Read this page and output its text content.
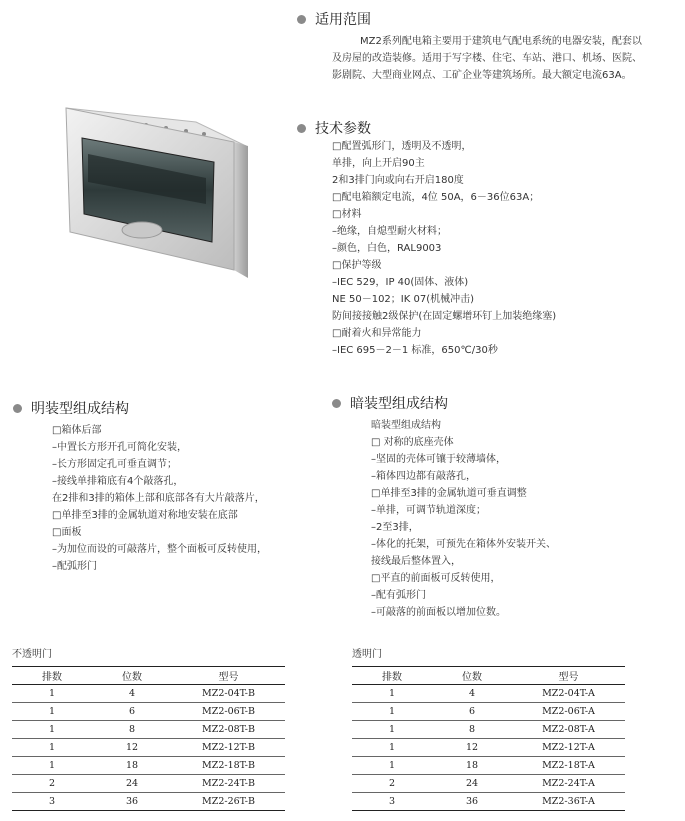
适用范围
MZ2系列配电箱主要用于建筑电气配电系统的电器安装，配套以
及房屋的改造装修。适用于写字楼、住宅、车站、港口、机场、医院、
影剧院、大型商业网点、工矿企业等建筑场所。最大额定电流63A。
技术参数
□配置弧形门，透明及不透明，
单排，向上开启90主
2和3排门向或向右开启180度
□配电箱额定电流，4位 50A，6－36位63A；
□材料
–绝缘，自熄型耐火材料；
–颜色，白色，RAL9003
□保护等级
–IEC 529，IP 40(固体、液体)
NE 50－102；IK 07(机械冲击)
防间接接触2级保护(在固定螺增环钉上加装绝缘塞)
□耐着火和异常能力
–IEC 695－2－1 标准，650℃/30秒
明装型组成结构
□箱体后部
–中置长方形开孔可简化安装，
–长方形固定孔可垂直调节；
–接线单排箱底有4个敲落孔，
在2排和3排的箱体上部和底部各有大片敲落片，
□单排至3排的金属轨道对称地安装在底部
□面板
–为加位而设的可敲落片，整个面板可反转使用，
–配弧形门
暗装型组成结构
暗装型组成结构
□ 对称的底座壳体
–坚固的壳体可镶于较薄墙体，
–箱体四边都有敲落孔，
□单排至3排的金属轨道可垂直调整
–单排，可调节轨道深度；
–2至3排，
–体化的托架，可预先在箱体外安装开关、
接线最后整体置入，
□平直的前面板可反转使用，
–配有弧形门
–可敲落的前面板以增加位数。
不透明门
排数	位数	型号
1	4	MZ2-04T-B
1	6	MZ2-06T-B
1	8	MZ2-08T-B
1	12	MZ2-12T-B
1	18	MZ2-18T-B
2	24	MZ2-24T-B
3	36	MZ2-26T-B
透明门
排数	位数	型号
1	4	MZ2-04T-A
1	6	MZ2-06T-A
1	8	MZ2-08T-A
1	12	MZ2-12T-A
1	18	MZ2-18T-A
2	24	MZ2-24T-A
3	36	MZ2-36T-A
